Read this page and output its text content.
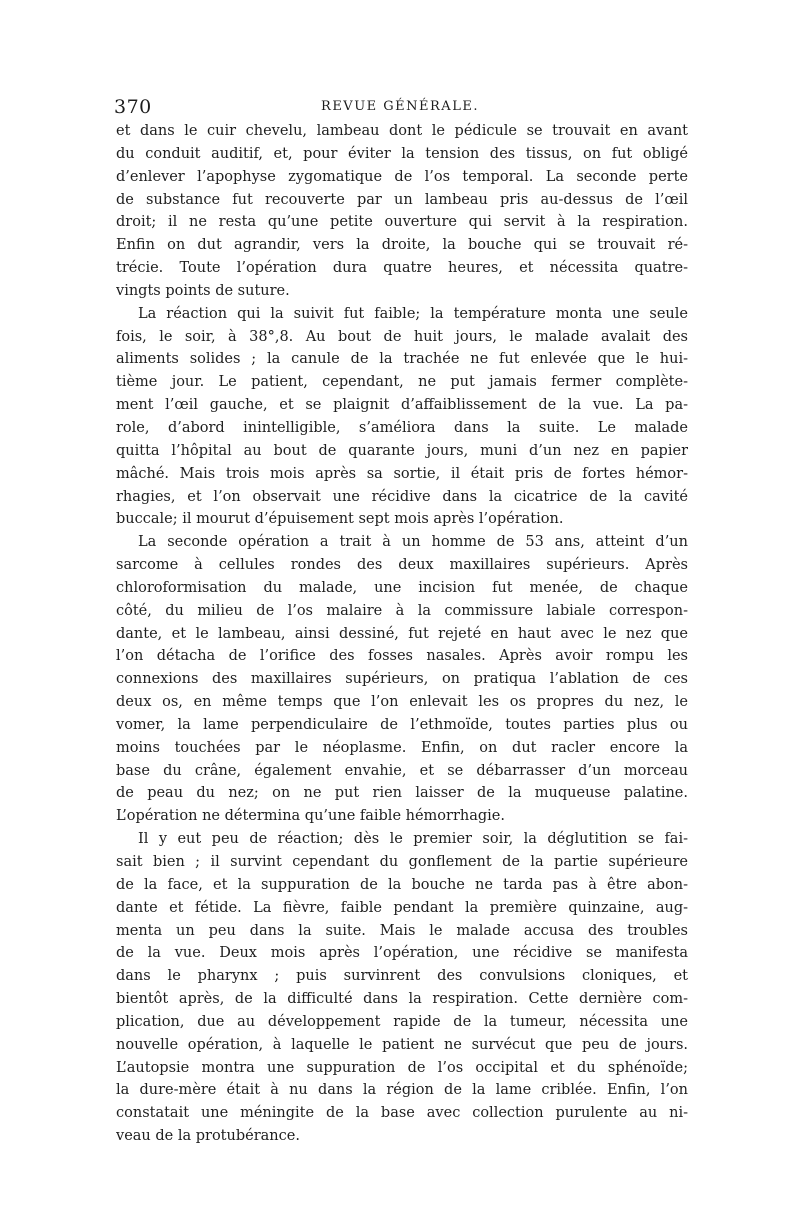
370	REVUE GÉNÉRALE.
et dans le cuir chevelu, lambeau dont le pédicule se trouvait en avant
du conduit auditif, et, pour éviter la tension des tissus, on fut obligé
d’enlever l’apophyse zygomatique de l’os temporal. La seconde perte
de substance fut recouverte par un lambeau pris au-dessus de l’œil
droit; il ne resta qu’une petite ouverture qui servit à la respiration.
Enfin on dut agrandir, vers la droite, la bouche qui se trouvait ré-
trécie. Toute l’opération dura quatre heures, et nécessita quatre-
vingts points de suture.
La réaction qui la suivit fut faible; la température monta une seule
fois, le soir, à 38°,8. Au bout de huit jours, le malade avalait des
aliments solides ; la canule de la trachée ne fut enlevée que le hui-
tième jour. Le patient, cependant, ne put jamais fermer complète-
ment l’œil gauche, et se plaignit d’affaiblissement de la vue. La pa-
role, d’abord inintelligible, s’améliora dans la suite. Le malade
quitta l’hôpital au bout de quarante jours, muni d’un nez en papier
mâché. Mais trois mois après sa sortie, il était pris de fortes hémor-
rhagies, et l’on observait une récidive dans la cicatrice de la cavité
buccale; il mourut d’épuisement sept mois après l’opération.
La seconde opération a trait à un homme de 53 ans, atteint d’un
sarcome à cellules rondes des deux maxillaires supérieurs. Après
chloroformisation du malade, une incision fut menée, de chaque
côté, du milieu de l’os malaire à la commissure labiale correspon-
dante, et le lambeau, ainsi dessiné, fut rejeté en haut avec le nez que
l’on détacha de l’orifice des fosses nasales. Après avoir rompu les
connexions des maxillaires supérieurs, on pratiqua l’ablation de ces
deux os, en même temps que l’on enlevait les os propres du nez, le
vomer, la lame perpendiculaire de l’ethmoïde, toutes parties plus ou
moins touchées par le néoplasme. Enfin, on dut racler encore la
base du crâne, également envahie, et se débarrasser d’un morceau
de peau du nez; on ne put rien laisser de la muqueuse palatine.
L’opération ne détermina qu’une faible hémorrhagie.
Il y eut peu de réaction; dès le premier soir, la déglutition se fai-
sait bien ; il survint cependant du gonflement de la partie supérieure
de la face, et la suppuration de la bouche ne tarda pas à être abon-
dante et fétide. La fièvre, faible pendant la première quinzaine, aug-
menta un peu dans la suite. Mais le malade accusa des troubles
de la vue. Deux mois après l’opération, une récidive se manifesta
dans le pharynx ; puis survinrent des convulsions cloniques, et
bientôt après, de la difficulté dans la respiration. Cette dernière com-
plication, due au développement rapide de la tumeur, nécessita une
nouvelle opération, à laquelle le patient ne survécut que peu de jours.
L’autopsie montra une suppuration de l’os occipital et du sphénoïde;
la dure-mère était à nu dans la région de la lame criblée. Enfin, l’on
constatait une méningite de la base avec collection purulente au ni-
veau de la protubérance.
